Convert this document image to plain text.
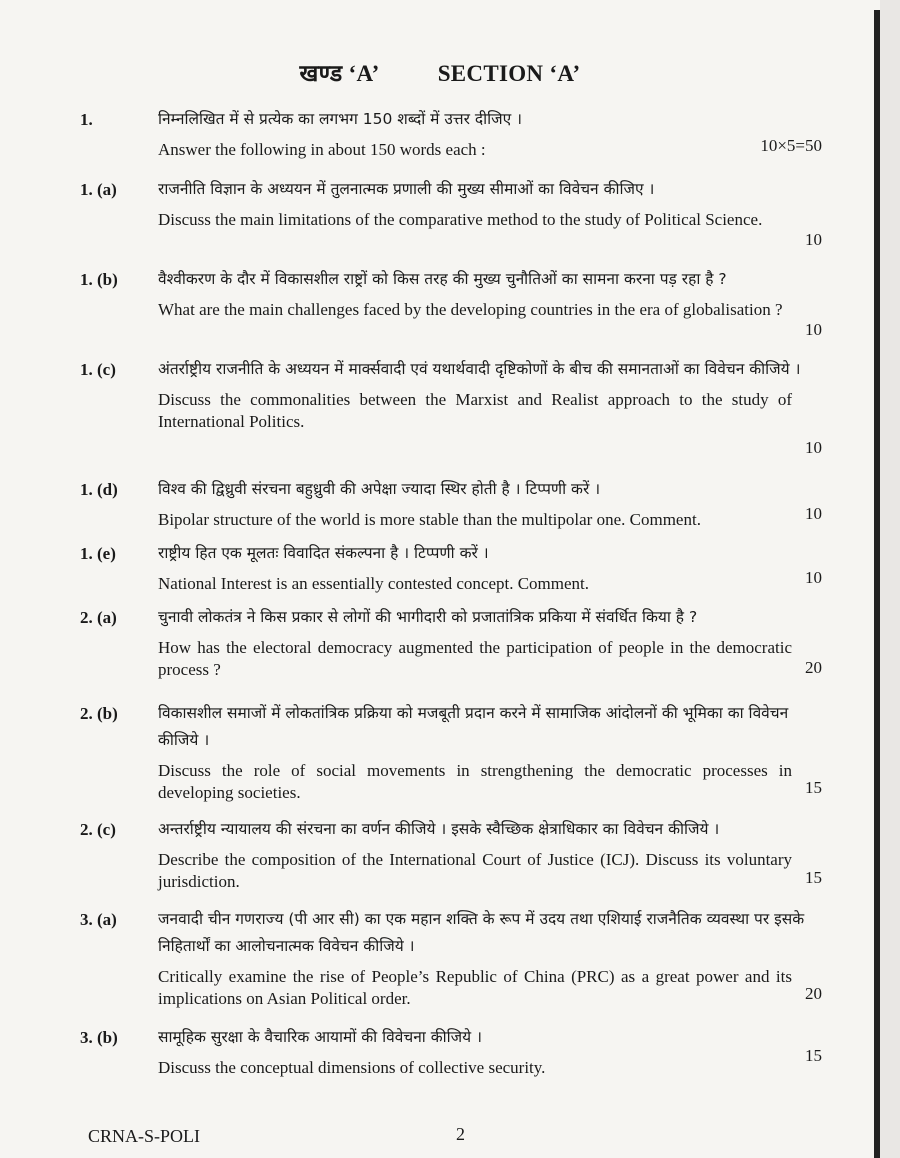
खण्ड ‘A’	SECTION ‘A’
1.	निम्नलिखित में से प्रत्येक का लगभग 150 शब्दों में उत्तर दीजिए ।
Answer the following in about 150 words each :	10×5=50
1. (a)	राजनीति विज्ञान के अध्ययन में तुलनात्मक प्रणाली की मुख्य सीमाओं का विवेचन कीजिए ।
Discuss the main limitations of the comparative method to the study of Political Science.
10
1. (b)	वैश्वीकरण के दौर में विकासशील राष्ट्रों को किस तरह की मुख्य चुनौतिओं का सामना करना पड़ रहा है ?
What are the main challenges faced by the developing countries in the era of globalisation ?
10
1. (c)	अंतर्राष्ट्रीय राजनीति के अध्ययन में मार्क्सवादी एवं यथार्थवादी दृष्टिकोणों के बीच की समानताओं का विवेचन कीजिये ।
Discuss the commonalities between the Marxist and Realist approach to the study of International Politics.
10
1. (d)	विश्व की द्विध्रुवी संरचना बहुध्रुवी की अपेक्षा ज्यादा स्थिर होती है । टिप्पणी करें ।
Bipolar structure of the world is more stable than the multipolar one. Comment.	10
1. (e)	राष्ट्रीय हित एक मूलतः विवादित संकल्पना है । टिप्पणी करें ।
National Interest is an essentially contested concept. Comment.	10
2. (a)	चुनावी लोकतंत्र ने किस प्रकार से लोगों की भागीदारी को प्रजातांत्रिक प्रकिया में संवर्धित किया है ?
How has the electoral democracy augmented the participation of people in the democratic process ?	20
2. (b)	विकासशील समाजों में लोकतांत्रिक प्रक्रिया को मजबूती प्रदान करने में सामाजिक आंदोलनों की भूमिका का विवेचन कीजिये ।
Discuss the role of social movements in strengthening the democratic processes in developing societies.	15
2. (c)	अन्तर्राष्ट्रीय न्यायालय की संरचना का वर्णन कीजिये । इसके स्वैच्छिक क्षेत्राधिकार का विवेचन कीजिये ।
Describe the composition of the International Court of Justice (ICJ). Discuss its voluntary jurisdiction.	15
3. (a)	जनवादी चीन गणराज्य (पी आर सी) का एक महान शक्ति के रूप में उदय तथा एशियाई राजनैतिक व्यवस्था पर इसके निहितार्थों का आलोचनात्मक विवेचन कीजिये ।
Critically examine the rise of People’s Republic of China (PRC) as a great power and its implications on Asian Political order.	20
3. (b)	सामूहिक सुरक्षा के वैचारिक आयामों की विवेचना कीजिये ।
Discuss the conceptual dimensions of collective security.
15
CRNA-S-POLI	2
